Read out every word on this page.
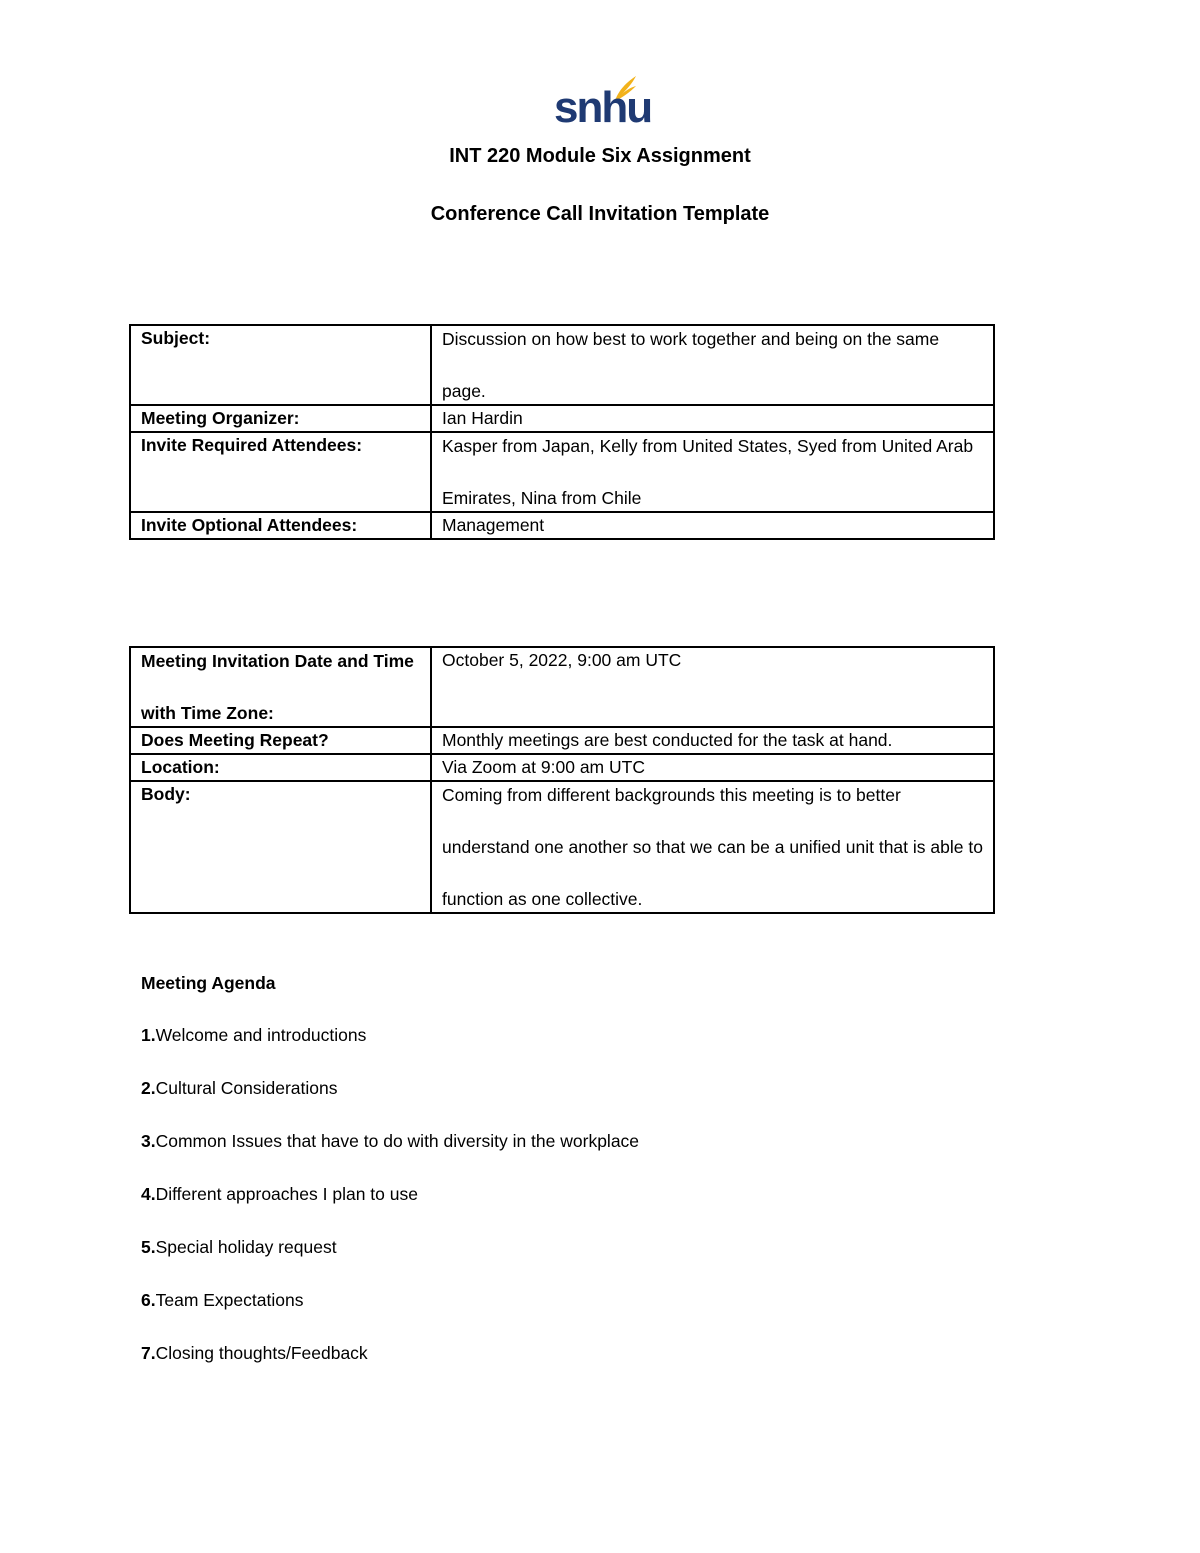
snhu
INT 220 Module Six Assignment
Conference Call Invitation Template
Subject:	Discussion on how best to work together and being on the same page.

Meeting Organizer:	Ian Hardin

Invite Required Attendees:	Kasper from Japan, Kelly from United States, Syed from United Arab Emirates, Nina from Chile

Invite Optional Attendees:	Management
Meeting Invitation Date and Time with Time Zone:	October 5, 2022, 9:00 am UTC

Does Meeting Repeat?	Monthly meetings are best conducted for the task at hand.

Location:	Via Zoom at 9:00 am UTC

Body:	Coming from different backgrounds this meeting is to better understand one another so that we can be a unified unit that is able to function as one collective.
Meeting Agenda
1.Welcome and introductions
2.Cultural Considerations
3.Common Issues that have to do with diversity in the workplace
4.Different approaches I plan to use
5.Special holiday request
6.Team Expectations
7.Closing thoughts/Feedback
